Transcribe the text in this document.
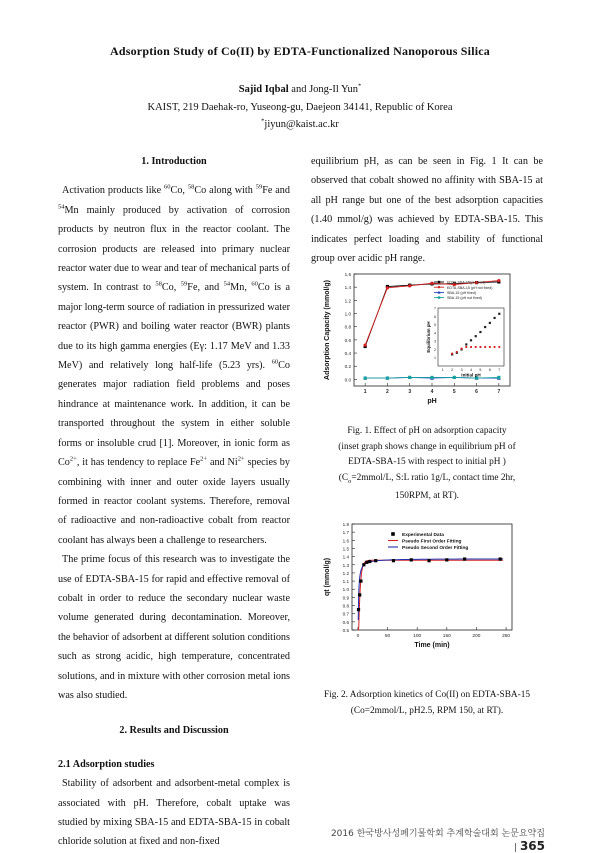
Adsorption Study of Co(II) by EDTA-Functionalized Nanoporous Silica
Sajid Iqbal and Jong-Il Yun*
KAIST, 219 Daehak-ro, Yuseong-gu, Daejeon 34141, Republic of Korea
*jiyun@kaist.ac.kr

1. Introduction

Activation products like $^{60}$Co, $^{58}$Co along with $^{59}$Fe and $^{54}$Mn mainly produced by activation of corrosion products by neutron flux in the reactor coolant. The corrosion products are released into primary nuclear reactor water due to wear and tear of mechanical parts of system. In contrast to $^{58}$Co, $^{59}$Fe, and $^{54}$Mn, $^{60}$Co is a major long-term source of radiation in pressurized water reactor (PWR) and boiling water reactor (BWR) plants due to its high gamma energies (Eγ: 1.17 MeV and 1.33 MeV) and relatively long half-life (5.23 yrs). $^{60}$Co generates major radiation field problems and poses hindrance at maintenance work. In addition, it can be transported throughout the system in either soluble forms or insoluble crud [1]. Moreover, in ionic form as $Co^{2+}$, it has tendency to replace $Fe^{2+}$ and $Ni^{2+}$ species by combining with inner and outer oxide layers usually formed in reactor coolant systems. Therefore, removal of radioactive and non-radioactive cobalt from reactor coolant has always been a challenge to researchers.

The prime focus of this research was to investigate the use of EDTA-SBA-15 for rapid and effective removal of cobalt in order to reduce the secondary nuclear waste volume generated during decontamination. Moreover, the behavior of adsorbent at different solution conditions such as strong acidic, high temperature, concentrated solutions, and in mixture with other corrosion metal ions was also studied.

2. Results and Discussion

2.1 Adsorption studies

Stability of adsorbent and adsorbent-metal complex is associated with pH. Therefore, cobalt uptake was studied by mixing SBA-15 and EDTA-SBA-15 in cobalt chloride solution at fixed and non-fixed

equilibrium pH, as can be seen in Fig. 1 It can be observed that cobalt showed no affinity with SBA-15 at all pH range but one of the best adsorption capacities (1.40 mmol/g) was achieved by EDTA-SBA-15. This indicates perfect loading and stability of functional group over acidic pH range.

0.0
0.2
0.4
0.6
0.8
1.0
1.2
1.4
1.6
1	2	3	4	5	6	7
pH
Adsorption Capacity (mmol/g)	EDTA-SBA-15(pH fixed)
EDTA-SBA-15 (pH not fixed)
SBA-15 (pH fixed)
SBA-15 (pH not fixed)
1
1
2
2
3
3
4
4
5
5
6
6
7
7
Initial pH
Equilibrium pH
Fig. 1. Effect of pH on adsorption capacity
(inset graph shows change in equilibrium pH of
EDTA-SBA-15 with respect to initial pH )
($C_o=2mmol/L$, S:L ratio 1g/L, contact time 2hr,
150RPM, at RT).
0.5
0.6
0.7
0.8
0.9
1.0
1.1
1.2
1.3
1.4
1.5
1.6
1.7
1.8
0	50	100	150	200	250
Time (min)
qt (mmol/g)
Experimental Data
Pseudo First Order Fitting
Pseudo Second Order Fitting
Fig. 2. Adsorption kinetics of Co(II) on EDTA-SBA-15
(Co=2mmol/L, pH2.5, RPM 150, at RT).
2016 한국방사성폐기물학회 추계학술대회 논문요약집 | 365
